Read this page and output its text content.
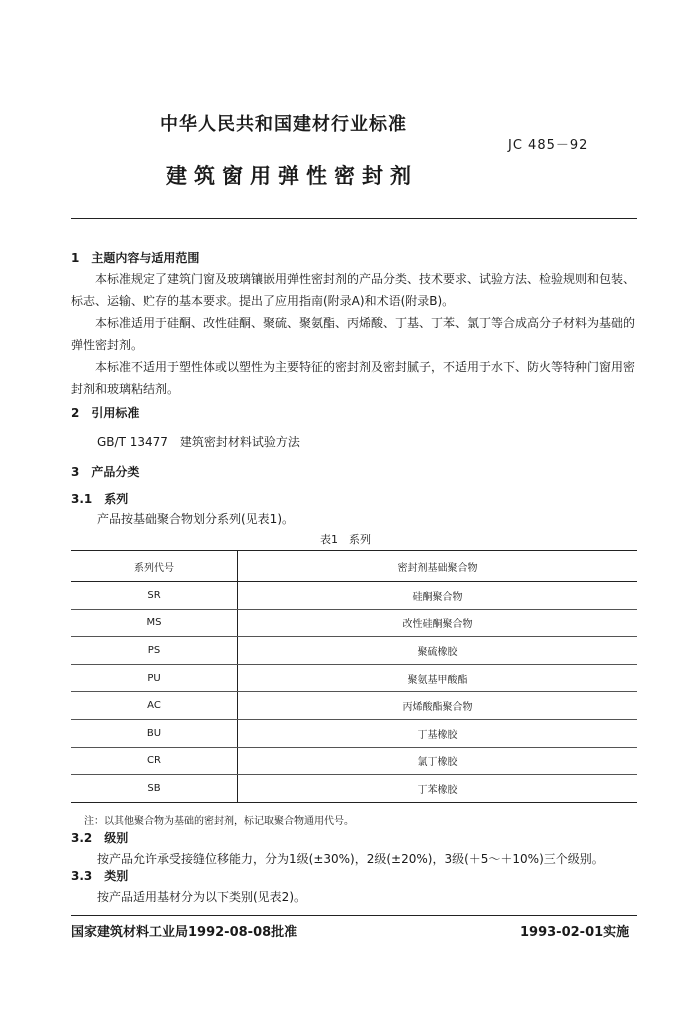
中华人民共和国建材行业标准
JC 485－92
建筑窗用弹性密封剂
1　主题内容与适用范围

本标准规定了建筑门窗及玻璃镶嵌用弹性密封剂的产品分类、技术要求、试验方法、检验规则和包装、标志、运输、贮存的基本要求。提出了应用指南(附录A)和术语(附录B)。

本标准适用于硅酮、改性硅酮、聚硫、聚氨酯、丙烯酸、丁基、丁苯、氯丁等合成高分子材料为基础的弹性密封剂。

本标准不适用于塑性体或以塑性为主要特征的密封剂及密封腻子，不适用于水下、防火等特种门窗用密封剂和玻璃粘结剂。

2　引用标准
GB/T 13477　建筑密封材料试验方法
3　产品分类
3.1　系列
产品按基础聚合物划分系列(见表1)。
表1　系列
系列代号	密封剂基础聚合物
SR	硅酮聚合物
MS	改性硅酮聚合物
PS	聚硫橡胶
PU	聚氨基甲酸酯
AC	丙烯酸酯聚合物
BU	丁基橡胶
CR	氯丁橡胶
SB	丁苯橡胶
注：以其他聚合物为基础的密封剂，标记取聚合物通用代号。
3.2　级别
按产品允许承受接缝位移能力，分为1级(±30%)，2级(±20%)，3级(＋5～＋10%)三个级别。
3.3　类别
按产品适用基材分为以下类别(见表2)。
国家建筑材料工业局1992-08-08批准	1993-02-01实施
